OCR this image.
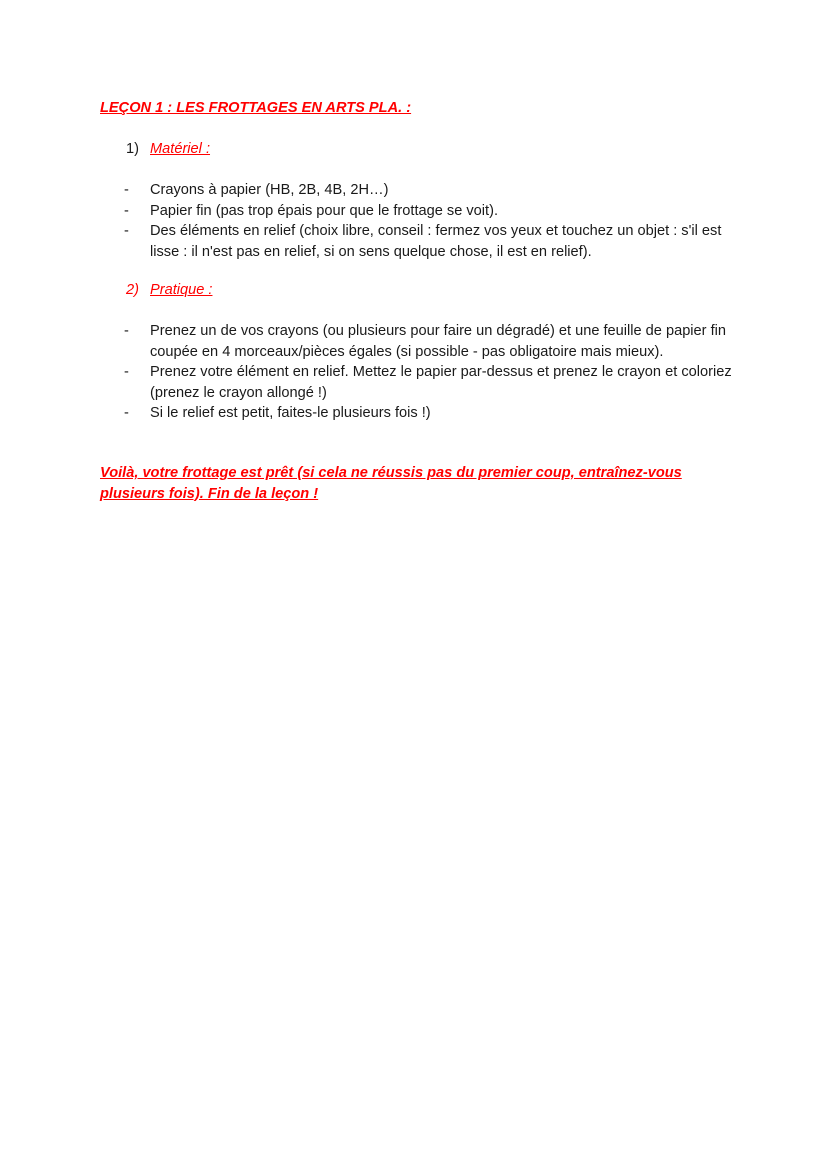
LEÇON 1 : LES FROTTAGES EN ARTS PLA. :
1) Matériel :
- Crayons à papier (HB, 2B, 4B, 2H…)
- Papier fin (pas trop épais pour que le frottage se voit).
- Des éléments en relief (choix libre, conseil : fermez vos yeux et touchez un objet : s'il est lisse : il n'est pas en relief, si on sens quelque chose, il est en relief).
2) Pratique :
- Prenez un de vos crayons (ou plusieurs pour faire un dégradé) et une feuille de papier fin coupée en 4 morceaux/pièces égales (si possible - pas obligatoire mais mieux).
- Prenez votre élément en relief. Mettez le papier par-dessus et prenez le crayon et coloriez (prenez le crayon allongé !)
- Si le relief est petit, faites-le plusieurs fois !)
Voilà, votre frottage est prêt (si cela ne réussis pas du premier coup, entraînez-vous plusieurs fois). Fin de la leçon !
